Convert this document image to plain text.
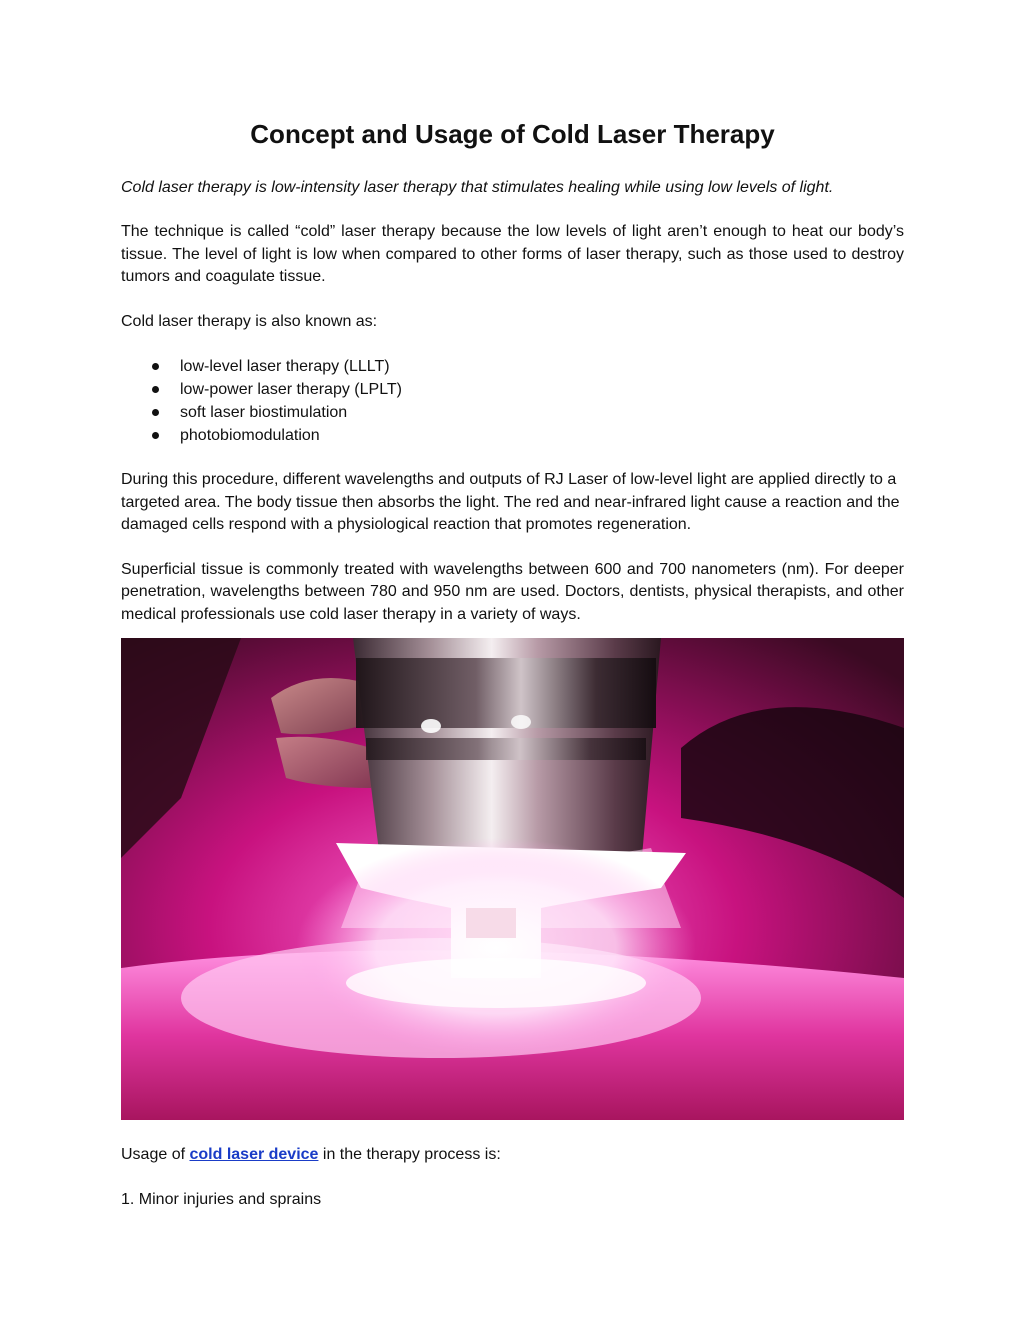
Concept and Usage of Cold Laser Therapy

Cold laser therapy is low-intensity laser therapy that stimulates healing while using low levels of light.

The technique is called “cold” laser therapy because the low levels of light aren’t enough to heat our body’s tissue. The level of light is low when compared to other forms of laser therapy, such as those used to destroy tumors and coagulate tissue.

Cold laser therapy is also known as:

low-level laser therapy (LLLT)
low-power laser therapy (LPLT)
soft laser biostimulation
photobiomodulation

During this procedure, different wavelengths and outputs of RJ Laser of low-level light are applied directly to a targeted area. The body tissue then absorbs the light. The red and near-infrared light cause a reaction and the damaged cells respond with a physiological reaction that promotes regeneration.

Superficial tissue is commonly treated with wavelengths between 600 and 700 nanometers (nm). For deeper penetration, wavelengths between 780 and 950 nm are used. Doctors, dentists, physical therapists, and other medical professionals use cold laser therapy in a variety of ways.

Usage of cold laser device in the therapy process is:

1. Minor injuries and sprains
